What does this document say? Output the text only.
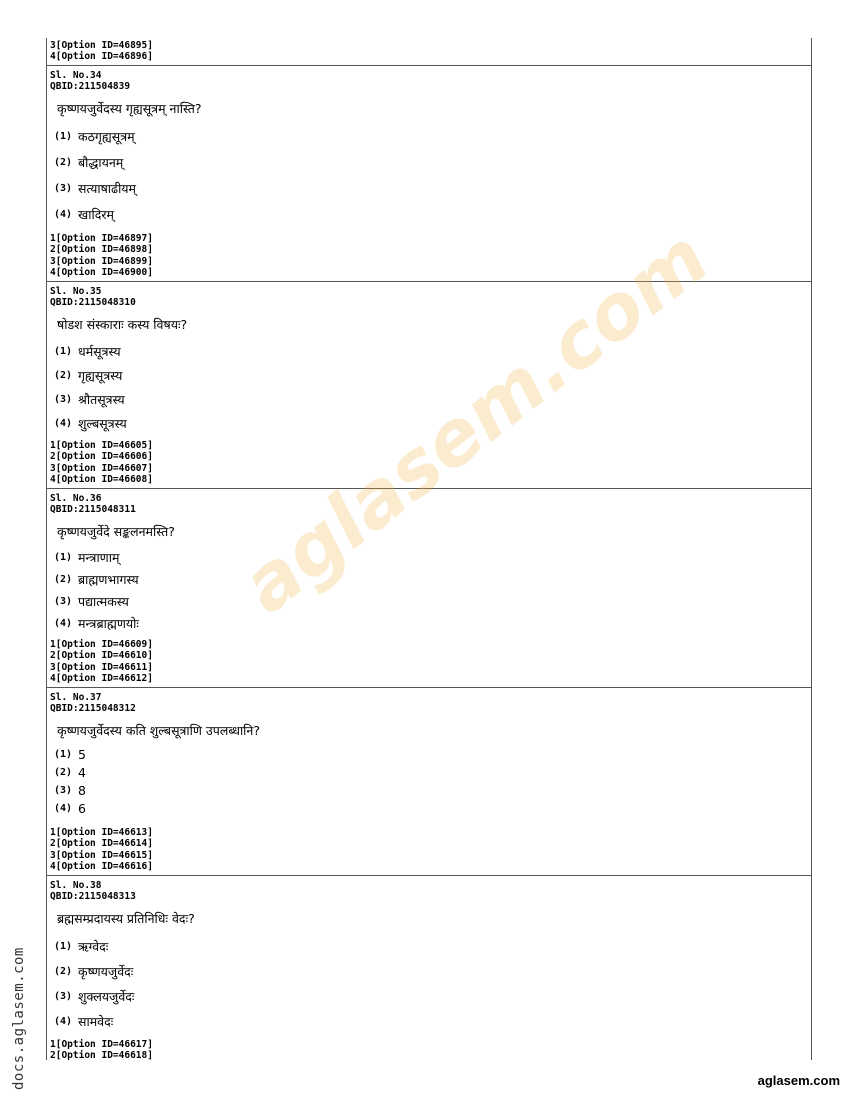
3[Option ID=46895]
4[Option ID=46896]
Sl. No.34
QBID:211504839
कृष्णयजुर्वेदस्य गृह्यसूत्रम् नास्ति?
(1) कठगृह्यसूत्रम्
(2) बौद्धायनम्
(3) सत्याषाढीयम्
(4) खादिरम्
1[Option ID=46897]
2[Option ID=46898]
3[Option ID=46899]
4[Option ID=46900]
Sl. No.35
QBID:2115048310
षोडश संस्काराः कस्य विषयः?
(1) धर्मसूत्रस्य
(2) गृह्यसूत्रस्य
(3) श्रौतसूत्रस्य
(4) शुल्बसूत्रस्य
1[Option ID=46605]
2[Option ID=46606]
3[Option ID=46607]
4[Option ID=46608]
Sl. No.36
QBID:2115048311
कृष्णयजुर्वेदे सङ्कलनमस्ति?
(1) मन्त्राणाम्
(2) ब्राह्मणभागस्य
(3) पद्यात्मकस्य
(4) मन्त्रब्राह्मणयोः
1[Option ID=46609]
2[Option ID=46610]
3[Option ID=46611]
4[Option ID=46612]
Sl. No.37
QBID:2115048312
कृष्णयजुर्वेदस्य कति शुल्बसूत्राणि उपलब्धानि?
(1) 5
(2) 4
(3) 8
(4) 6
1[Option ID=46613]
2[Option ID=46614]
3[Option ID=46615]
4[Option ID=46616]
Sl. No.38
QBID:2115048313
ब्रह्मसम्प्रदायस्य प्रतिनिधिः वेदः?
(1) ऋग्वेदः
(2) कृष्णयजुर्वेदः
(3) शुक्लयजुर्वेदः
(4) सामवेदः
1[Option ID=46617]
2[Option ID=46618]
aglasem.com
docs.aglasem.com	aglasem.com
